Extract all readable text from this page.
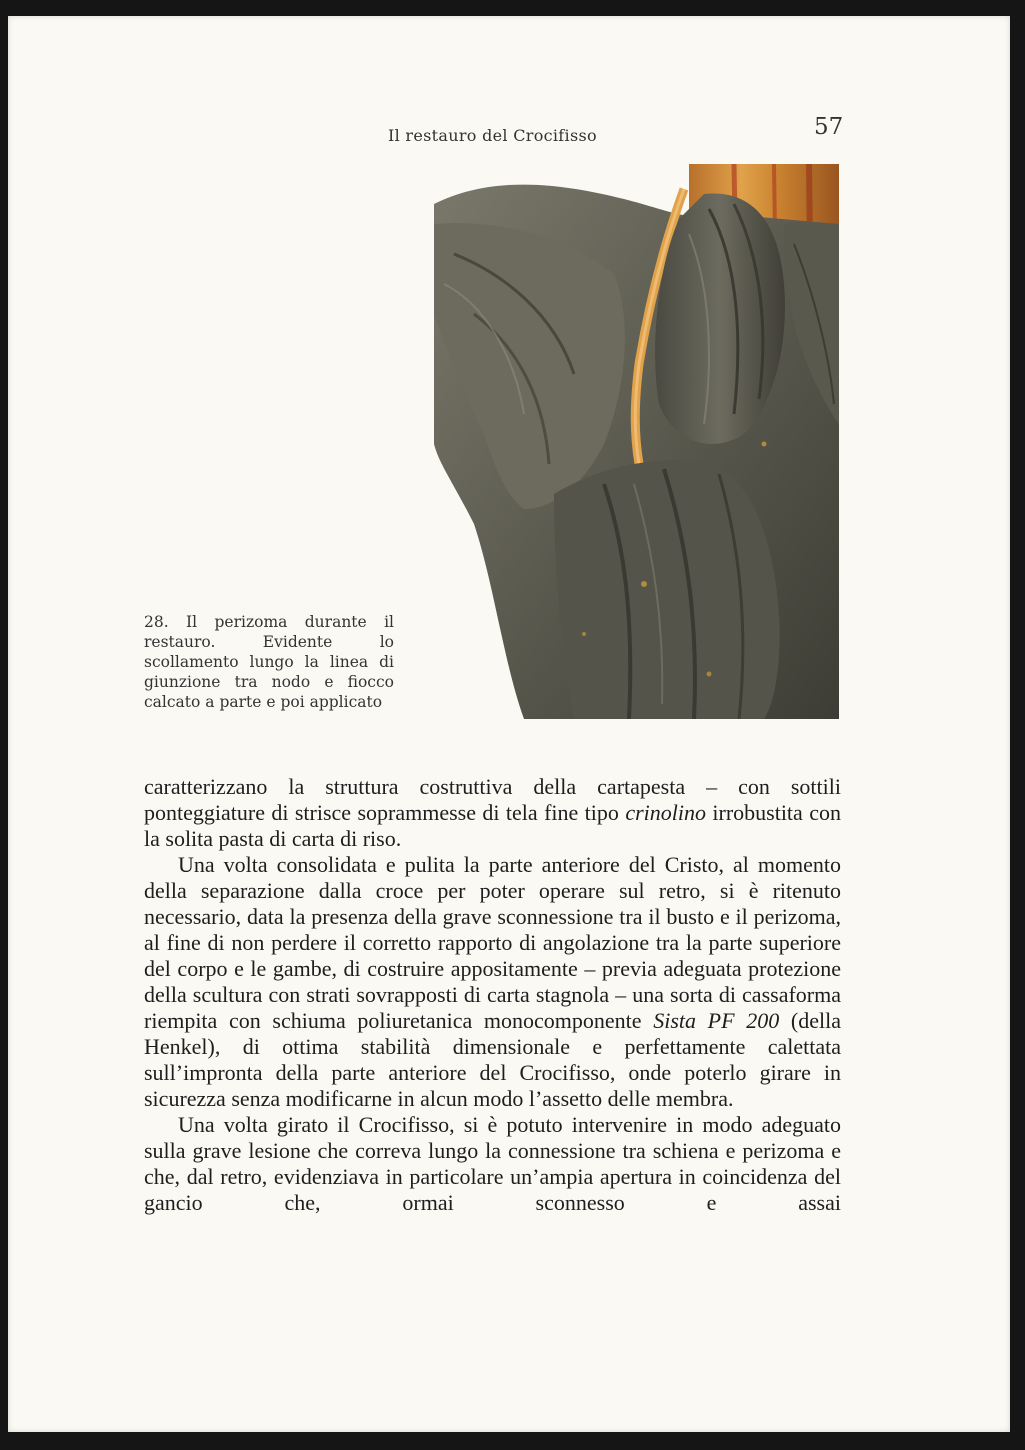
Il restauro del Crocifisso	57
28. Il perizoma durante il restauro. Evidente lo scollamento lungo la linea di giunzione tra nodo e fiocco calcato a parte e poi applicato

caratterizzano la struttura costruttiva della cartapesta – con sottili ponteggiature di strisce soprammesse di tela fine tipo crinolino irrobustita con la solita pasta di carta di riso.

Una volta consolidata e pulita la parte anteriore del Cristo, al momento della separazione dalla croce per poter operare sul retro, si è ritenuto necessario, data la presenza della grave sconnessione tra il busto e il perizoma, al fine di non perdere il corretto rapporto di angolazione tra la parte superiore del corpo e le gambe, di costruire appositamente – previa adeguata protezione della scultura con strati sovrapposti di carta stagnola – una sorta di cassaforma riempita con schiuma poliuretanica monocomponente Sista PF 200 (della Henkel), di ottima stabilità dimensionale e perfettamente calettata sull’impronta della parte anteriore del Crocifisso, onde poterlo girare in sicurezza senza modificarne in alcun modo l’assetto delle membra.

Una volta girato il Crocifisso, si è potuto intervenire in modo adeguato sulla grave lesione che correva lungo la connessione tra schiena e perizoma e che, dal retro, evidenziava in particolare un’ampia apertura in coincidenza del gancio che, ormai sconnesso e assai
